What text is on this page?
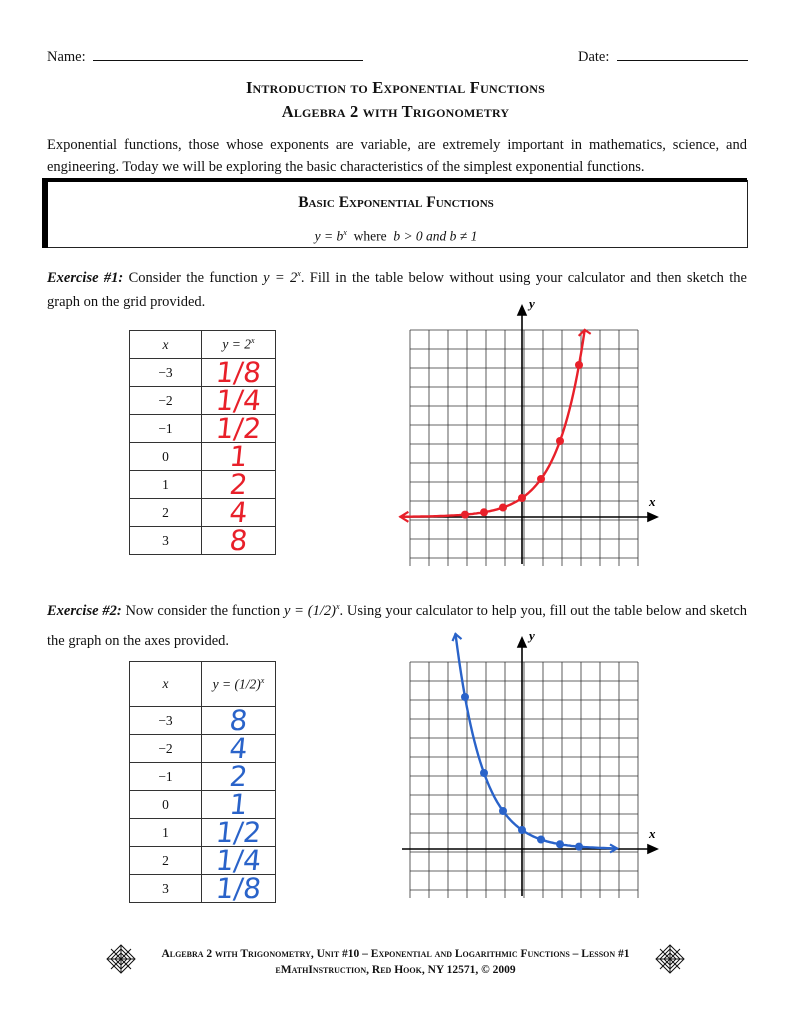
Name:	Date:
Introduction to Exponential Functions
Algebra 2 with Trigonometry
Exponential functions, those whose exponents are variable, are extremely important in mathematics, science, and engineering. Today we will be exploring the basic characteristics of the simplest exponential functions.
Basic Exponential Functions
$y = b^x$ where b > 0 and b ≠ 1
Exercise #1: Consider the function $y = 2^x$. Fill in the table below without using your calculator and then sketch the graph on the grid provided.
x	$y = 2^x$
−3	1/8

−2	1/4

−1	1/2

0	1

1	2

2	4

3	8
x
y
Exercise #2: Now consider the function $y = (1/2)^x$. Using your calculator to help you, fill out the table below and sketch the graph on the axes provided.
x	$y = (1/2)^x$
−3	8

−2	4

−1	2

0	1

1	1/2

2	1/4

3	1/8
x
y
Algebra 2 with Trigonometry, Unit #10 – Exponential and Logarithmic Functions – Lesson #1
eMathInstruction, Red Hook, NY 12571, © 2009
